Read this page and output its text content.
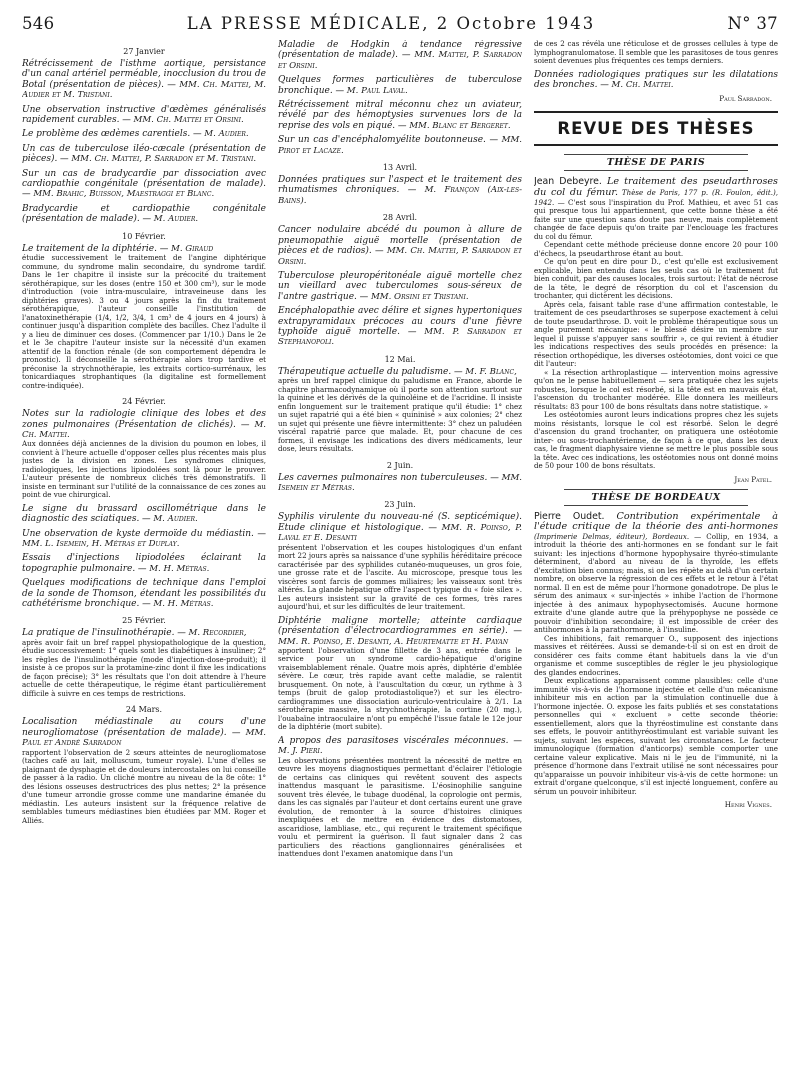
546	LA PRESSE MÉDICALE, 2 Octobre 1943	N° 37
27 Janvier
Rétrécissement de l'isthme aortique, persistance d'un canal artériel perméable, inocclusion du trou de Botal (présentation de pièces). — MM. Ch. Mattei, M. Audier et M. Tristani.
Une observation instructive d'œdèmes généralisés rapidement curables. — MM. Ch. Mattei et Orsini.
Le problème des œdèmes carentiels. — M. Audier.
Un cas de tuberculose iléo-cæcale (présentation de pièces). — MM. Ch. Mattei, P. Sarradon et M. Tristani.
Sur un cas de bradycardie par dissociation avec cardiopathie congénitale (présentation de malade). — MM. Brahic, Buisson, Maestraggi et Blanc.
Bradycardie et cardiopathie congénitale (présentation de malade). — M. Audier.
10 Février.
Le traitement de la diphtérie. — M. Giraud
étudie successivement le traitement de l'angine diphtérique commune, du syndrome malin secondaire, du syndrome tardif. Dans le 1er chapitre il insiste sur la précocité du traitement sérothérapique, sur les doses (entre 150 et 300 cm³), sur le mode d'introduction (voie intra-musculaire, intraveineuse dans les diphtéries graves). 3 ou 4 jours après la fin du traitement sérothérapique, l'auteur conseille l'institution de l'anatoxinethérapie (1/4, 1/2, 3/4, 1 cm³ de 4 jours en 4 jours) à continuer jusqu'à disparition complète des bacilles. Chez l'adulte il y a lieu de diminuer ces doses. (Commencer par 1/10.) Dans le 2e et le 3e chapitre l'auteur insiste sur la nécessité d'un examen attentif de la fonction rénale (de son comportement dépendra le pronostic). Il déconseille la sérothérapie alors trop tardive et préconise la strychnothérapie, les extraits cortico-surrénaux, les tonicardiaques strophantiques (la digitaline est formellement contre-indiquée).
24 Février.
Notes sur la radiologie clinique des lobes et des zones pulmonaires (Présentation de clichés). — M. Ch. Mattei.
Aux données déjà anciennes de la division du poumon en lobes, il convient à l'heure actuelle d'opposer celles plus récentes mais plus justes de la division en zones. Les syndromes cliniques, radiologiques, les injections lipiodolées sont là pour le prouver. L'auteur présente de nombreux clichés très démonstratifs. Il insiste en terminant sur l'utilité de la connaissance de ces zones au point de vue chirurgical.
Le signe du brassard oscillométrique dans le diagnostic des sciatiques. — M. Audier.
Une observation de kyste dermoïde du médiastin. — MM. L. Isemein, H. Métras et Duplay.
Essais d'injections lipiodolées éclairant la topographie pulmonaire. — M. H. Métras.
Quelques modifications de technique dans l'emploi de la sonde de Thomson, étendant les possibilités du cathétérisme bronchique. — M. H. Métras.
25 Février.
La pratique de l'insulinothérapie. — M. Recordier,
après avoir fait un bref rappel physiopathologique de la question, étudie successivement: 1° quels sont les diabétiques à insuliner; 2° les règles de l'insulinothérapie (mode d'injection-dose-produit); il insiste à ce propos sur la protamine-zinc dont il fixe les indications de façon précise); 3° les résultats que l'on doit attendre à l'heure actuelle de cette thérapeutique, le régime étant particulièrement difficile à suivre en ces temps de restrictions.
24 Mars.
Localisation médiastinale au cours d'une neurogliomatose (présentation de malade). — MM. Paul et André Sarradon
rapportent l'observation de 2 sœurs atteintes de neurogliomatose (taches café au lait, molluscum, tumeur royale). L'une d'elles se plaignant de dysphagie et de douleurs intercostales on lui conseille de passer à la radio. Un cliché montre au niveau de la 8e côte: 1° des lésions osseuses destructrices des plus nettes; 2° la présence d'une tumeur arrondie grosse comme une mandarine émanée du médiastin. Les auteurs insistent sur la fréquence relative de semblables tumeurs médiastines bien étudiées par MM. Roger et Alliés.
Maladie de Hodgkin à tendance régressive (présentation de malade). — MM. Mattei, P. Sarradon et Orsini.
Quelques formes particulières de tuberculose bronchique. — M. Paul Laval.
Rétrécissement mitral méconnu chez un aviateur, révélé par des hémoptysies survenues lors de la reprise des vols en piqué. — MM. Blanc et Bergeret.
Sur un cas d'encéphalomyélite boutonneuse. — MM. Pirot et Lacaze.
13 Avril.
Données pratiques sur l'aspect et le traitement des rhumatismes chroniques. — M. Françon (Aix-les-Bains).
28 Avril.
Cancer nodulaire abcédé du poumon à allure de pneumopathie aiguë mortelle (présentation de pièces et de radios). — MM. Ch. Mattei, P. Sarradon et Orsini.
Tuberculose pleuropéritonéale aiguë mortelle chez un vieillard avec tuberculomes sous-séreux de l'antre gastrique. — MM. Orsini et Tristani.
Encéphalopathie avec délire et signes hypertoniques extrapyramidaux précoces au cours d'une fièvre typhoïde aiguë mortelle. — MM. P. Sarradon et Stephanopoli.
12 Mai.
Thérapeutique actuelle du paludisme. — M. F. Blanc,
après un bref rappel clinique du paludisme en France, aborde le chapitre pharmacodynamique où il porte son attention surtout sur la quinine et les dérivés de la quinoléine et de l'acridine. Il insiste enfin longuement sur le traitement pratique qu'il étudie: 1° chez un sujet rapatrié qui a été bien « quininisé » aux colonies; 2° chez un sujet qui présente une fièvre intermittente: 3° chez un paludéen viscéral rapatrié parce que malade. Et, pour chacune de ces formes, il envisage les indications des divers médicaments, leur dose, leurs résultats.
2 Juin.
Les cavernes pulmonaires non tuberculeuses. — MM. Isemein et Métras.
23 Juin.
Syphilis virulente du nouveau-né (S. septicémique). Etude clinique et histologique. — MM. R. Poinso, P. Laval et E. Desanti
présentent l'observation et les coupes histologiques d'un enfant mort 22 jours après sa naissance d'une syphilis héréditaire précoce caractérisée par des syphilides cutanéo-muqueuses, un gros foie, une grosse rate et de l'ascite. Au microscope, presque tous les viscères sont farcis de gommes miliaires; les vaisseaux sont très altérés. La glande hépatique offre l'aspect typique du « foie silex ». Les auteurs insistent sur la gravité de ces formes, très rares aujourd'hui, et sur les difficultés de leur traitement.
Diphtérie maligne mortelle; atteinte cardiaque (présentation d'électrocardiogrammes en série). — MM. R. Poinso, E. Desanti, A. Heurtematte et H. Payan
apportent l'observation d'une fillette de 3 ans, entrée dans le service pour un syndrome cardio-hépatique d'origine vraisemblablement rénale. Quatre mois après, diphtérie d'emblée sévère. Le cœur, très rapide avant cette maladie, se ralentit brusquement. On note, à l'auscultation du cœur, un rythme à 3 temps (bruit de galop protodiastolique?) et sur les électro-cardiogrammes une dissociation auriculo-ventriculaire à 2/1. La sérothérapie massive, la strychnothérapie, la cortine (20 mg.), l'ouabaïne intraoculaire n'ont pu empêché l'issue fatale le 12e jour de la diphtérie (mort subite).
A propos des parasitoses viscérales méconnues. — M. J. Pieri.
Les observations présentées montrent la nécessité de mettre en œuvre les moyens diagnostiques permettant d'éclairer l'étiologie de certains cas cliniques qui revêtent souvent des aspects inattendus masquant le parasitisme. L'éosinophilie sanguine souvent très élevée, le tubage duodénal, la coprologie ont permis, dans les cas signalés par l'auteur et dont certains eurent une grave évolution, de remonter à la source d'histoires cliniques inexpliquées et de mettre en évidence des distomatoses, ascaridiose, lambliase, etc., qui reçurent le traitement spécifique voulu et permirent la guérison. Il faut signaler dans 2 cas particuliers des réactions ganglionnaires généralisées et inattendues dont l'examen anatomique dans l'un
de ces 2 cas révéla une réticulose et de grosses cellules à type de lymphogranulomatose. Il semble que les parasitoses de tous genres soient devenues plus fréquentes ces temps derniers.
Données radiologiques pratiques sur les dilatations des bronches. — M. Ch. Mattei.
Paul Sarradon.
REVUE DES THÈSES
THÈSE DE PARIS
Jean Debeyre. Le traitement des pseudarthroses du col du fémur. Thèse de Paris, 177 p. (R. Foulon, édit.), 1942. — C'est sous l'inspiration du Prof. Mathieu, et avec 51 cas qui presque tous lui appartiennent, que cette bonne thèse a été faite sur une question sans doute pas neuve, mais complètement changée de face depuis qu'on traite par l'enclouage les fractures du col du fémur.

Cependant cette méthode précieuse donne encore 20 pour 100 d'échecs, la pseudarthrose étant au bout.

Ce qu'on peut en dire pour D., c'est qu'elle est exclusivement explicable, bien entendu dans les seuls cas où le traitement fut bien conduit, par des causes locales, trois surtout: l'état de nécrose de la tête, le degré de résorption du col et l'ascension du trochanter, qui dictèrent les décisions.

Après cela, faisant table rase d'une affirmation contestable, le traitement de ces pseudarthroses se superpose exactement à celui de toute pseudarthrose. D. voit le problème thérapeutique sous un angle purement mécanique: « le blessé désire un membre sur lequel il puisse s'appuyer sans souffrir », ce qui revient à étudier les indications respectives des seuls procédés en présence: la résection orthopédique, les diverses ostéotomies, dont voici ce que dit l'auteur:

« La résection arthroplastique — intervention moins agressive qu'on ne le pense habituellement — sera pratiquée chez les sujets robustes, lorsque le col est résorbé, si la tête est en mauvais état, l'ascension du trochanter modérée. Elle donnera les meilleurs résultats: 83 pour 100 de bons résultats dans notre statistique. »

Les ostéotomies auront leurs indications propres chez les sujets moins résistants, lorsque le col est résorbé. Selon le degré d'ascension du grand trochanter, on pratiquera une ostéotomie inter- ou sous-trochantérienne, de façon à ce que, dans les deux cas, le fragment diaphysaire vienne se mettre le plus possible sous la tête. Avec ces indications, les ostéotomies nous ont donné moins de 50 pour 100 de bons résultats.

Jean Patel.
THÈSE DE BORDEAUX
Pierre Oudet. Contribution expérimentale à l'étude critique de la théorie des anti-hormones (Imprimerie Delmas, éditeur), Bordeaux. — Collip, en 1934, a introduit la théorie des anti-hormones en se fondant sur le fait suivant: les injections d'hormone hypophysaire thyréo-stimulante déterminent, d'abord au niveau de la thyroïde, les effets d'excitation bien connus; mais, si on les répète au delà d'un certain nombre, on observe la régression de ces effets et le retour à l'état normal. Il en est de même pour l'hormone gonadotrope. De plus le sérum des animaux « sur-injectés » inhibe l'action de l'hormone injectée à des animaux hypophysectomisés. Aucune hormone extraite d'une glande autre que la préhypophyse ne possède ce pouvoir d'inhibition secondaire; il est impossible de créer des antihormones à la parathormone, à l'insuline.

Ces inhibitions, fait remarquer O., supposent des injections massives et réitérées. Aussi se demande-t-il si on est en droit de considérer ces faits comme étant habituels dans la vie d'un organisme et comme susceptibles de régler le jeu physiologique des glandes endocrines.

Deux explications apparaissent comme plausibles: celle d'une immunité vis-à-vis de l'hormone injectée et celle d'un mécanisme inhibiteur mis en action par la stimulation continuelle due à l'hormone injectée. O. expose les faits publiés et ses constatations personnelles qui « excluent » cette seconde théorie: essentiellement, alors que la thyréostimuline est constante dans ses effets, le pouvoir antithyréostimulant est variable suivant les sujets, suivant les espèces, suivant les circonstances. Le facteur immunologique (formation d'anticorps) semble comporter une certaine valeur explicative. Mais ni le jeu de l'immunité, ni la présence d'hormone dans l'extrait utilisé ne sont nécessaires pour qu'apparaisse un pouvoir inhibiteur vis-à-vis de cette hormone: un extrait d'organe quelconque, s'il est injecté longuement, confère au sérum un pouvoir inhibiteur.

Henri Vignes.
